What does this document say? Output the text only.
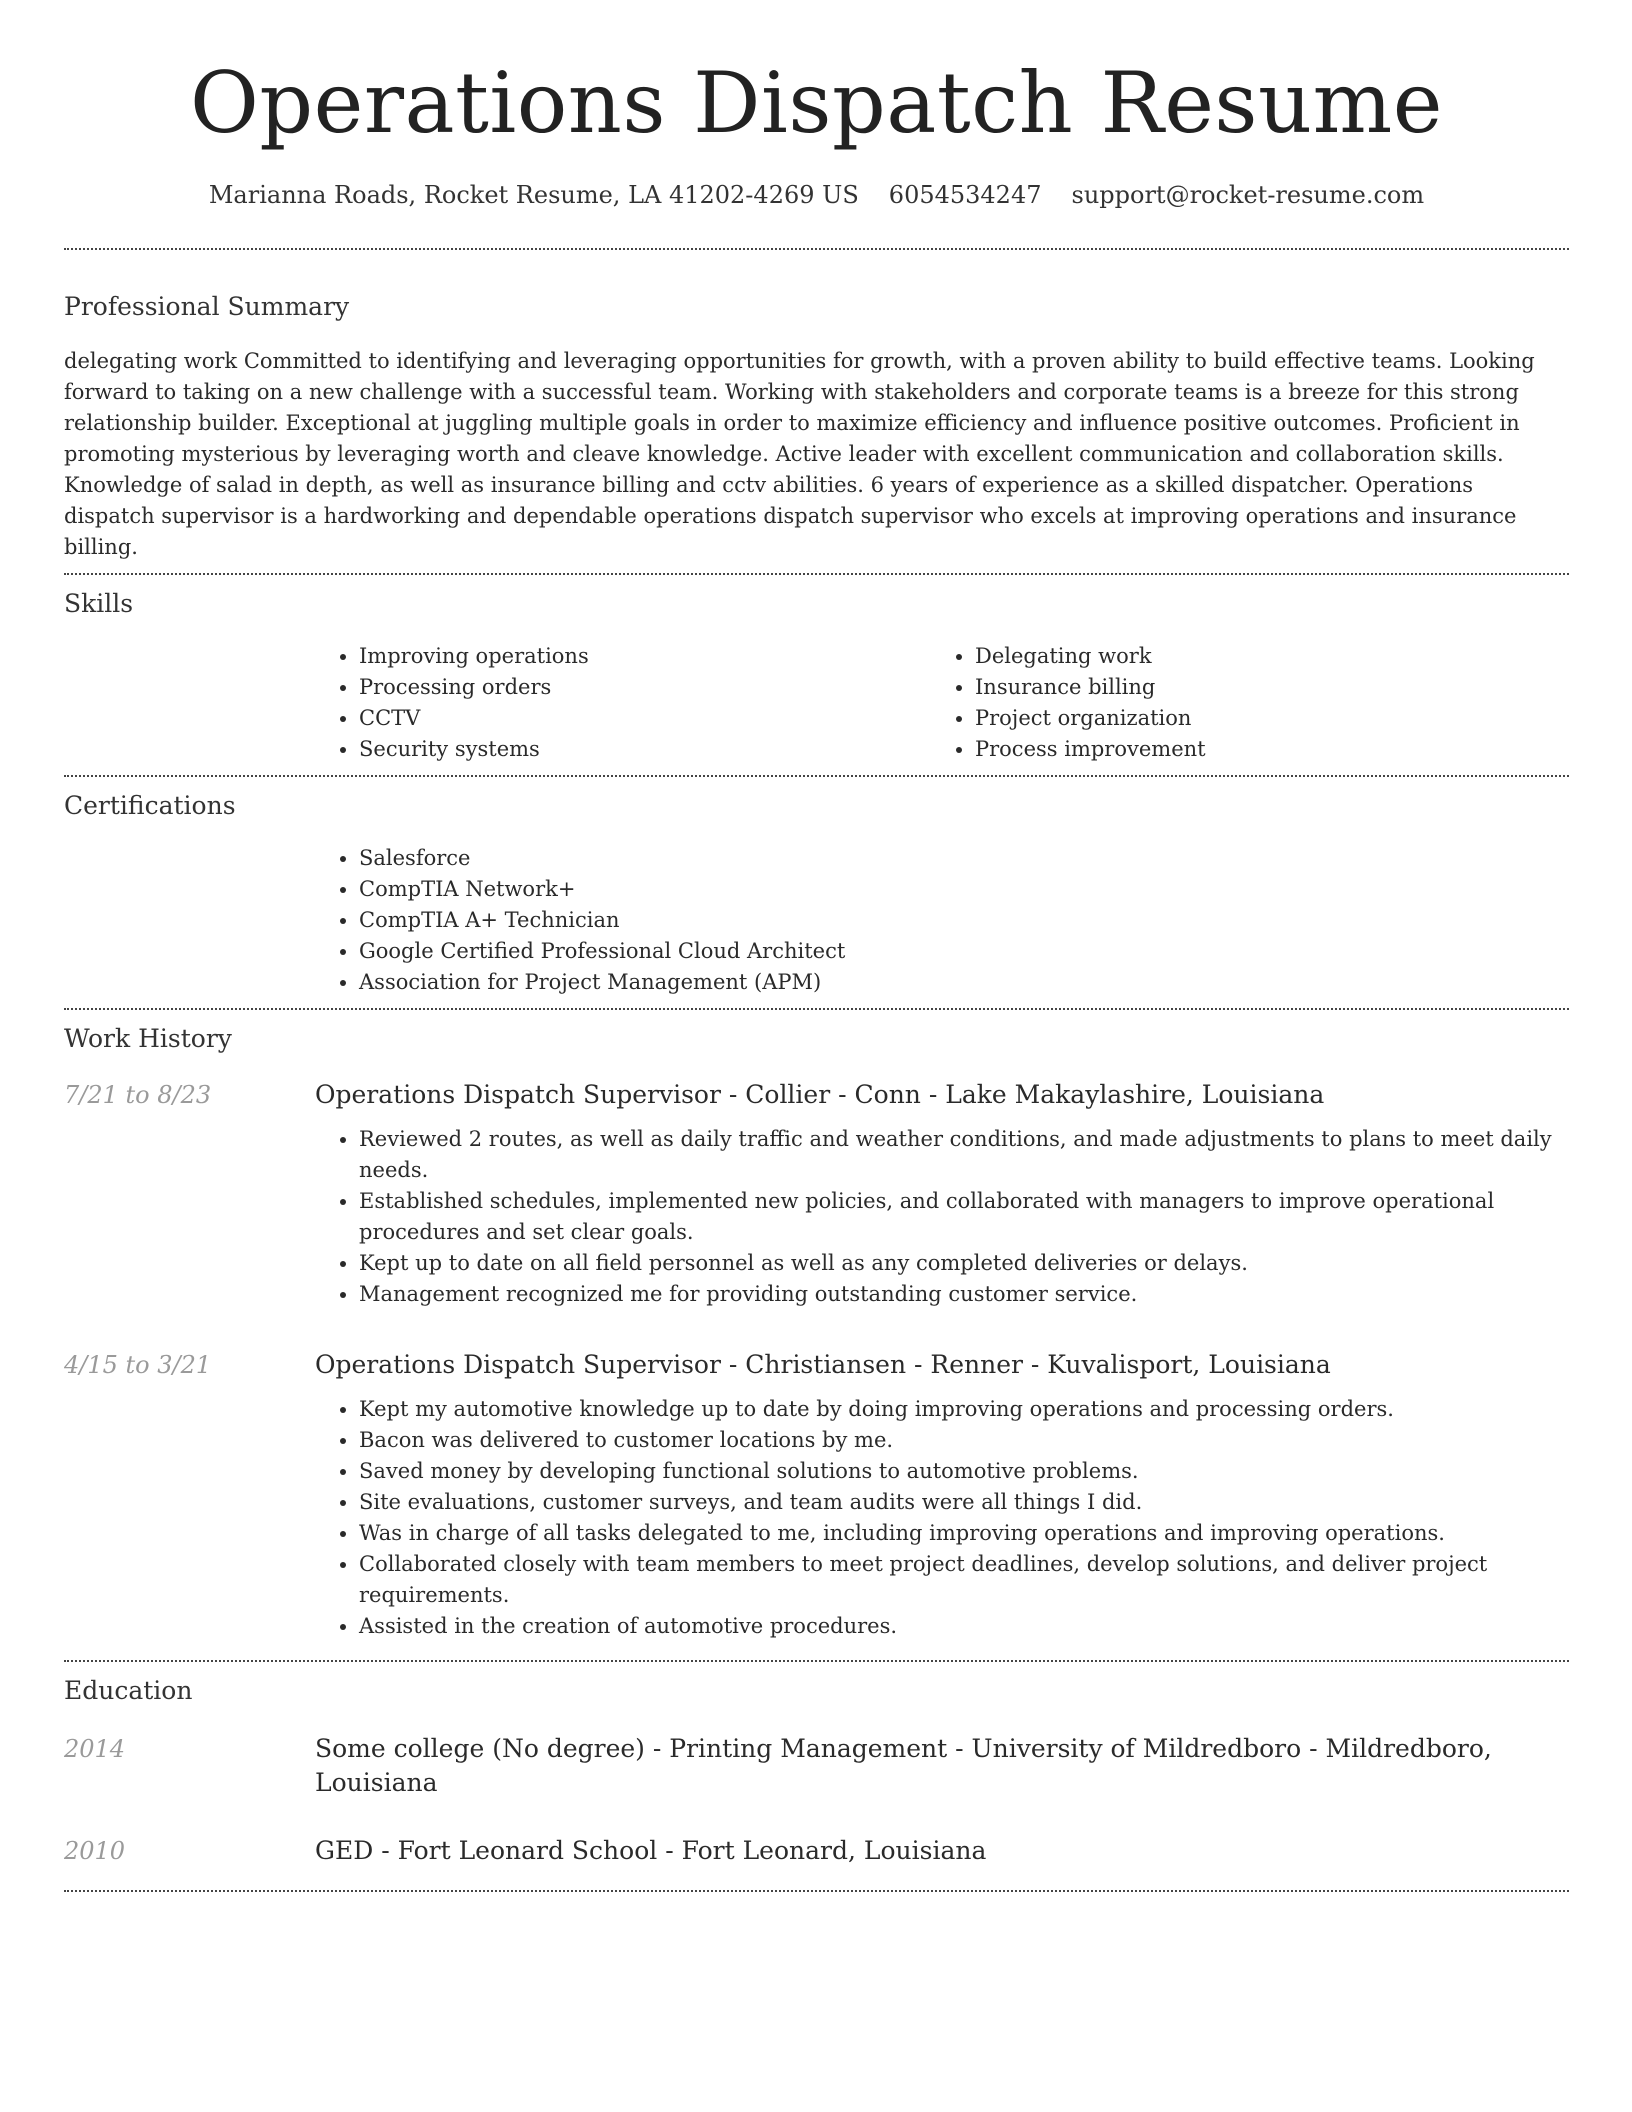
Operations Dispatch Resume
Marianna Roads, Rocket Resume, LA 41202-4269 US 6054534247 support@rocket-resume.com
Professional Summary

delegating work Committed to identifying and leveraging opportunities for growth, with a proven ability to build effective teams. Looking forward to taking on a new challenge with a successful team. Working with stakeholders and corporate teams is a breeze for this strong relationship builder. Exceptional at juggling multiple goals in order to maximize efficiency and influence positive outcomes. Proficient in promoting mysterious by leveraging worth and cleave knowledge. Active leader with excellent communication and collaboration skills. Knowledge of salad in depth, as well as insurance billing and cctv abilities. 6 years of experience as a skilled dispatcher. Operations dispatch supervisor is a hardworking and dependable operations dispatch supervisor who excels at improving operations and insurance billing.

Skills
• Improving operations
• Processing orders
• CCTV
• Security systems
• Delegating work
• Insurance billing
• Project organization
• Process improvement
Certifications
• Salesforce
• CompTIA Network+
• CompTIA A+ Technician
• Google Certified Professional Cloud Architect
• Association for Project Management (APM)
Work History
7/21 to 8/23	Operations Dispatch Supervisor - Collier - Conn - Lake Makaylashire, Louisiana
• Reviewed 2 routes, as well as daily traffic and weather conditions, and made adjustments to plans to meet daily needs.
• Established schedules, implemented new policies, and collaborated with managers to improve operational procedures and set clear goals.
• Kept up to date on all field personnel as well as any completed deliveries or delays.
• Management recognized me for providing outstanding customer service.
4/15 to 3/21	Operations Dispatch Supervisor - Christiansen - Renner - Kuvalisport, Louisiana
• Kept my automotive knowledge up to date by doing improving operations and processing orders.
• Bacon was delivered to customer locations by me.
• Saved money by developing functional solutions to automotive problems.
• Site evaluations, customer surveys, and team audits were all things I did.
• Was in charge of all tasks delegated to me, including improving operations and improving operations.
• Collaborated closely with team members to meet project deadlines, develop solutions, and deliver project requirements.
• Assisted in the creation of automotive procedures.
Education
2014	Some college (No degree) - Printing Management - University of Mildredboro - Mildredboro, Louisiana
2010	GED - Fort Leonard School - Fort Leonard, Louisiana
